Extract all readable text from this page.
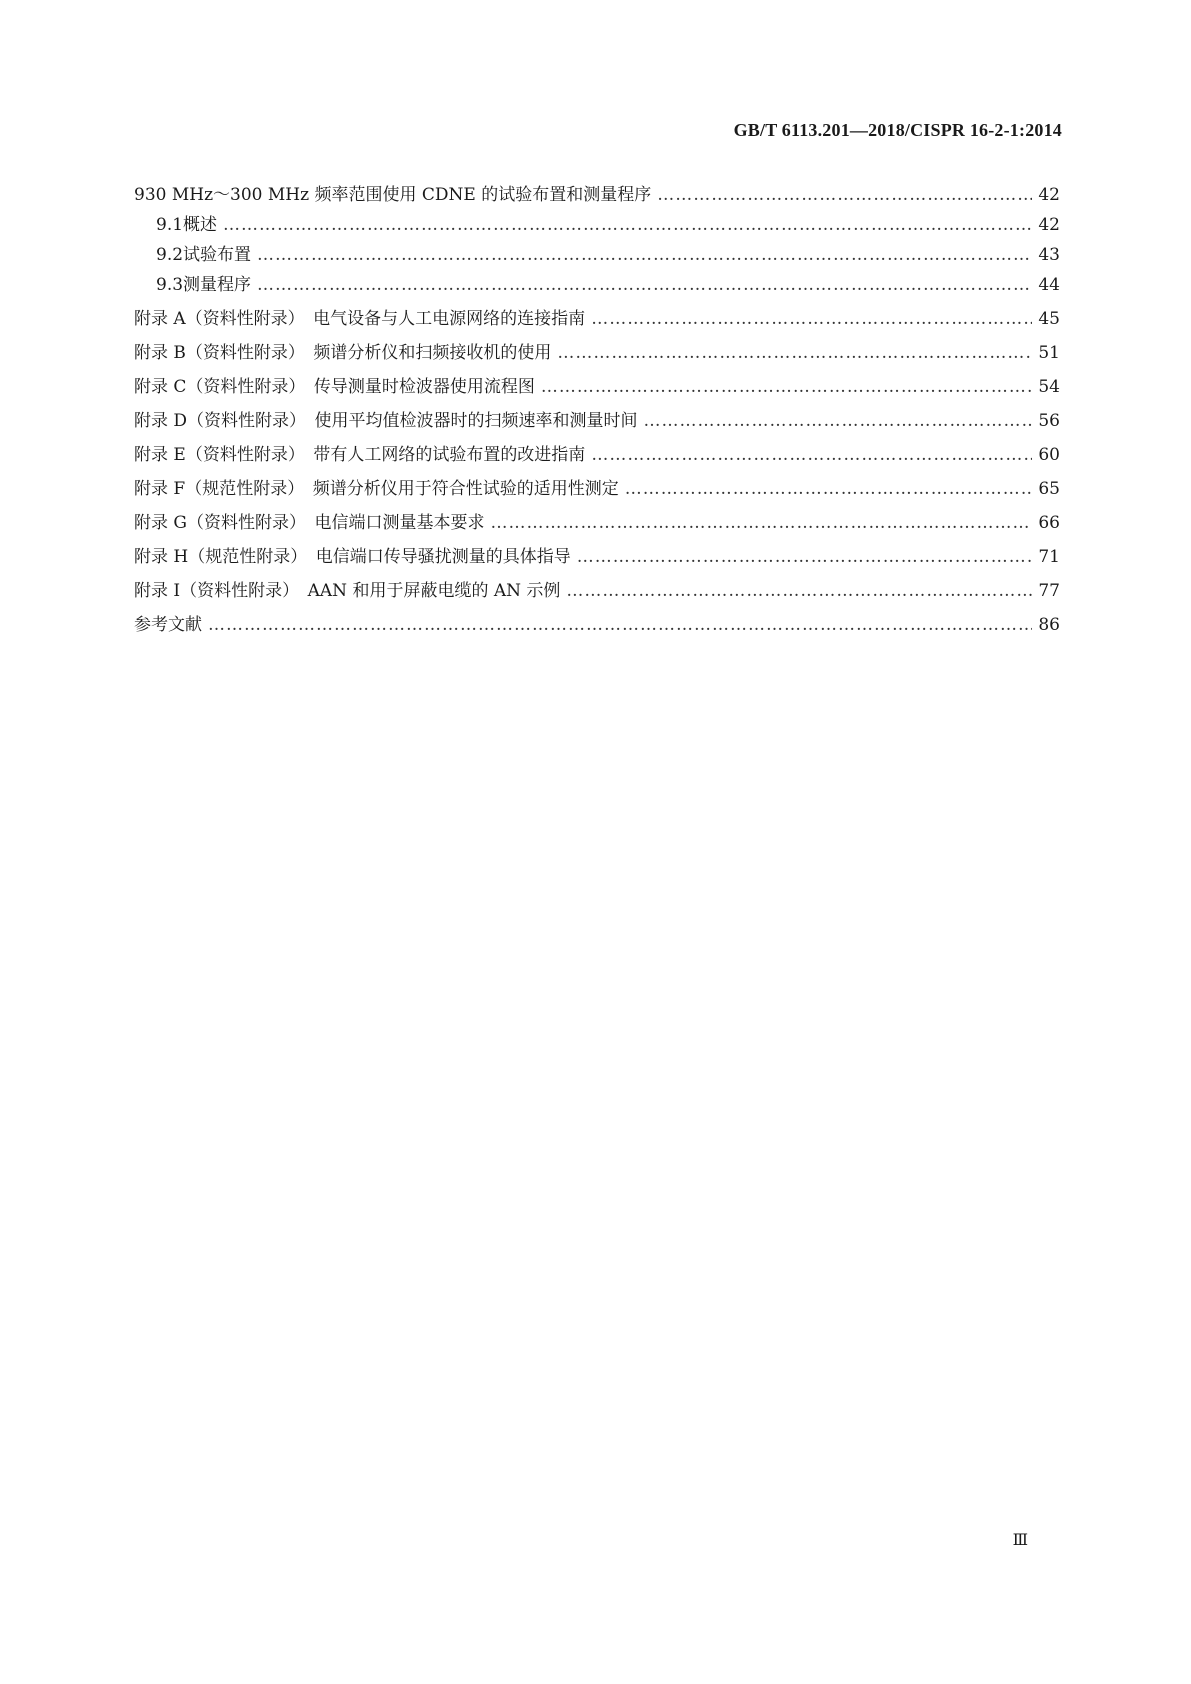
GB/T 6113.201—2018/CISPR 16-2-1:2014
9 30 MHz～300 MHz 频率范围使用 CDNE 的试验布置和测量程序 …………………………………………………………………………………………………………………………………………………………………………………………………………………………	42
9.1 概述 …………………………………………………………………………………………………………………………………………………………………………………………………………………………	42
9.2 试验布置 …………………………………………………………………………………………………………………………………………………………………………………………………………………………	43
9.3 测量程序 …………………………………………………………………………………………………………………………………………………………………………………………………………………………	44
附录 A（资料性附录）　电气设备与人工电源网络的连接指南 …………………………………………………………………………………………………………………………………………………………………………………………………………………………	45
附录 B（资料性附录）　频谱分析仪和扫频接收机的使用 …………………………………………………………………………………………………………………………………………………………………………………………………………………………	51
附录 C（资料性附录）　传导测量时检波器使用流程图 …………………………………………………………………………………………………………………………………………………………………………………………………………………………	54
附录 D（资料性附录）　使用平均值检波器时的扫频速率和测量时间 …………………………………………………………………………………………………………………………………………………………………………………………………………………………	56
附录 E（资料性附录）　带有人工网络的试验布置的改进指南 …………………………………………………………………………………………………………………………………………………………………………………………………………………………	60
附录 F（规范性附录）　频谱分析仪用于符合性试验的适用性测定 …………………………………………………………………………………………………………………………………………………………………………………………………………………………	65
附录 G（资料性附录）　电信端口测量基本要求 …………………………………………………………………………………………………………………………………………………………………………………………………………………………	66
附录 H（规范性附录）　电信端口传导骚扰测量的具体指导 …………………………………………………………………………………………………………………………………………………………………………………………………………………………	71
附录 I（资料性附录）　AAN 和用于屏蔽电缆的 AN 示例 …………………………………………………………………………………………………………………………………………………………………………………………………………………………	77
参考文献 …………………………………………………………………………………………………………………………………………………………………………………………………………………………	86
Ⅲ
